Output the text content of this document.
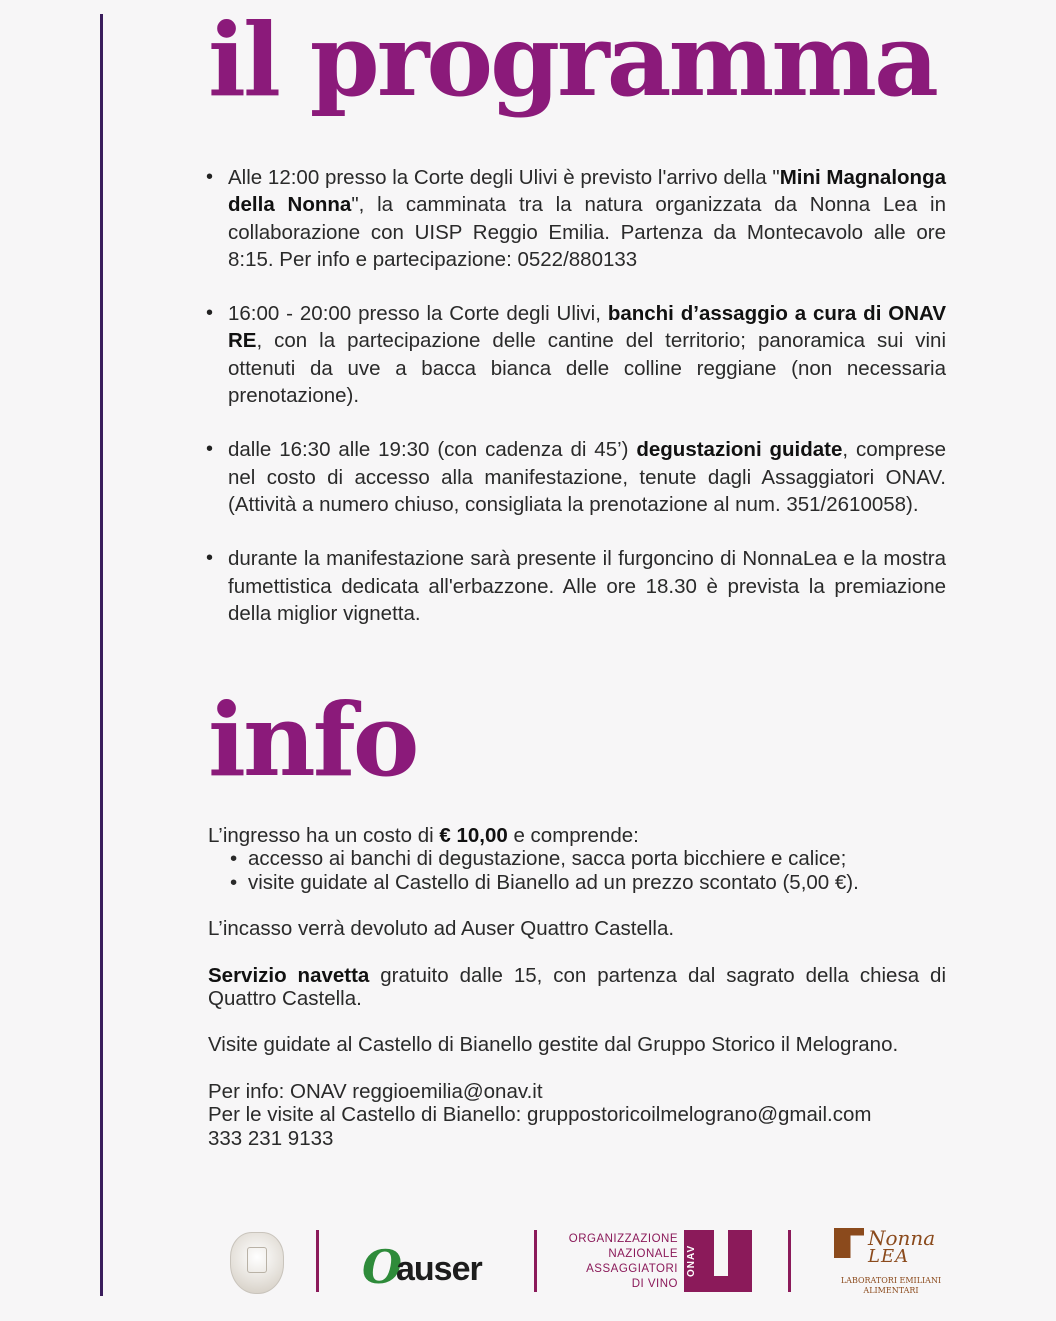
il programma
• Alle 12:00 presso la Corte degli Ulivi è previsto l'arrivo della "Mini Magnalonga della Nonna", la camminata tra la natura organizzata da Nonna Lea in collaborazione con UISP Reggio Emilia. Partenza da Montecavolo alle ore 8:15. Per info e partecipazione: 0522/880133
• 16:00 - 20:00 presso la Corte degli Ulivi, banchi d’assaggio a cura di ONAV RE, con la partecipazione delle cantine del territorio; panoramica sui vini ottenuti da uve a bacca bianca delle colline reggiane (non necessaria prenotazione).
• dalle 16:30 alle 19:30 (con cadenza di 45’) degustazioni guidate, comprese nel costo di accesso alla manifestazione, tenute dagli Assaggiatori ONAV. (Attività a numero chiuso, consigliata la prenotazione al num. 351/2610058).
• durante la manifestazione sarà presente il furgoncino di NonnaLea e la mostra fumettistica dedicata all'erbazzone. Alle ore 18.30 è prevista la premiazione della miglior vignetta.
info

L’ingresso ha un costo di € 10,00 e comprende:

• accesso ai banchi di degustazione, sacca porta bicchiere e calice;
• visite guidate al Castello di Bianello ad un prezzo scontato (5,00 €).

L’incasso verrà devoluto ad Auser Quattro Castella.

Servizio navetta gratuito dalle 15, con partenza dal sagrato della chiesa di Quattro Castella.

Visite guidate al Castello di Bianello gestite dal Gruppo Storico il Melograno.

Per info: ONAV reggioemilia@onav.it

Per le visite al Castello di Bianello: gruppostoricoilmelograno@gmail.com

333 231 9133

O
auser
ORGANIZZAZIONE
NAZIONALE
ASSAGGIATORI
DI VINO
ONAV
Nonna
LEA
LABORATORI EMILIANI ALIMENTARI
